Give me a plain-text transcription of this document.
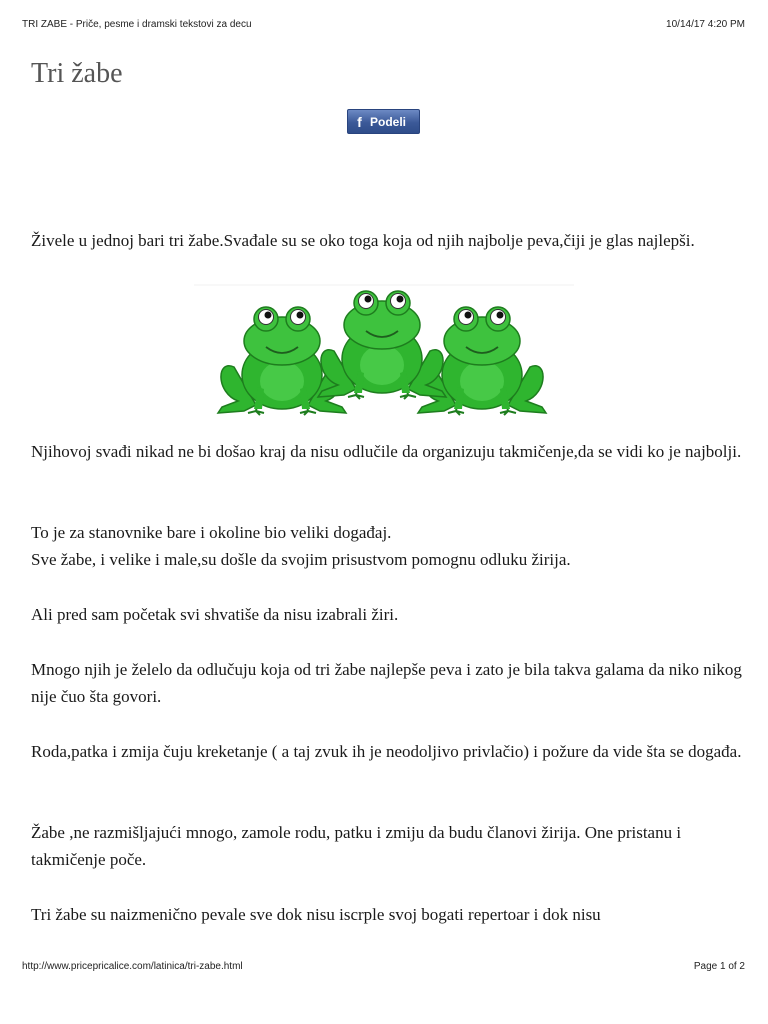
TRI ZABE - Priče, pesme i dramski tekstovi za decu	10/14/17 4:20 PM
Tri žabe
f Podeli

Živele u jednoj bari tri žabe.Svađale su se oko toga koja od njih najbolje peva,čiji je glas najlepši.

Njihovoj svađi nikad ne bi došao kraj da nisu odlučile da organizuju takmičenje,da se vidi ko je najbolji.

To je za stanovnike bare i okoline bio veliki događaj.

Sve žabe, i velike i male,su došle da svojim prisustvom pomognu odluku žirija.

Ali pred sam početak svi shvatiše da nisu izabrali žiri.

Mnogo njih je želelo da odlučuju koja od tri žabe najlepše peva i zato je bila takva galama da niko nikog nije čuo šta govori.

Roda,patka i zmija čuju kreketanje ( a taj zvuk ih je neodoljivo privlačio) i požure da vide šta se događa.

Žabe ,ne razmišljajući mnogo, zamole rodu, patku i zmiju da budu članovi žirija. One pristanu i takmičenje poče.

Tri žabe su naizmenično pevale sve dok nisu iscrple svoj bogati repertoar i dok nisu

http://www.pricepricalice.com/latinica/tri-zabe.html	Page 1 of 2
